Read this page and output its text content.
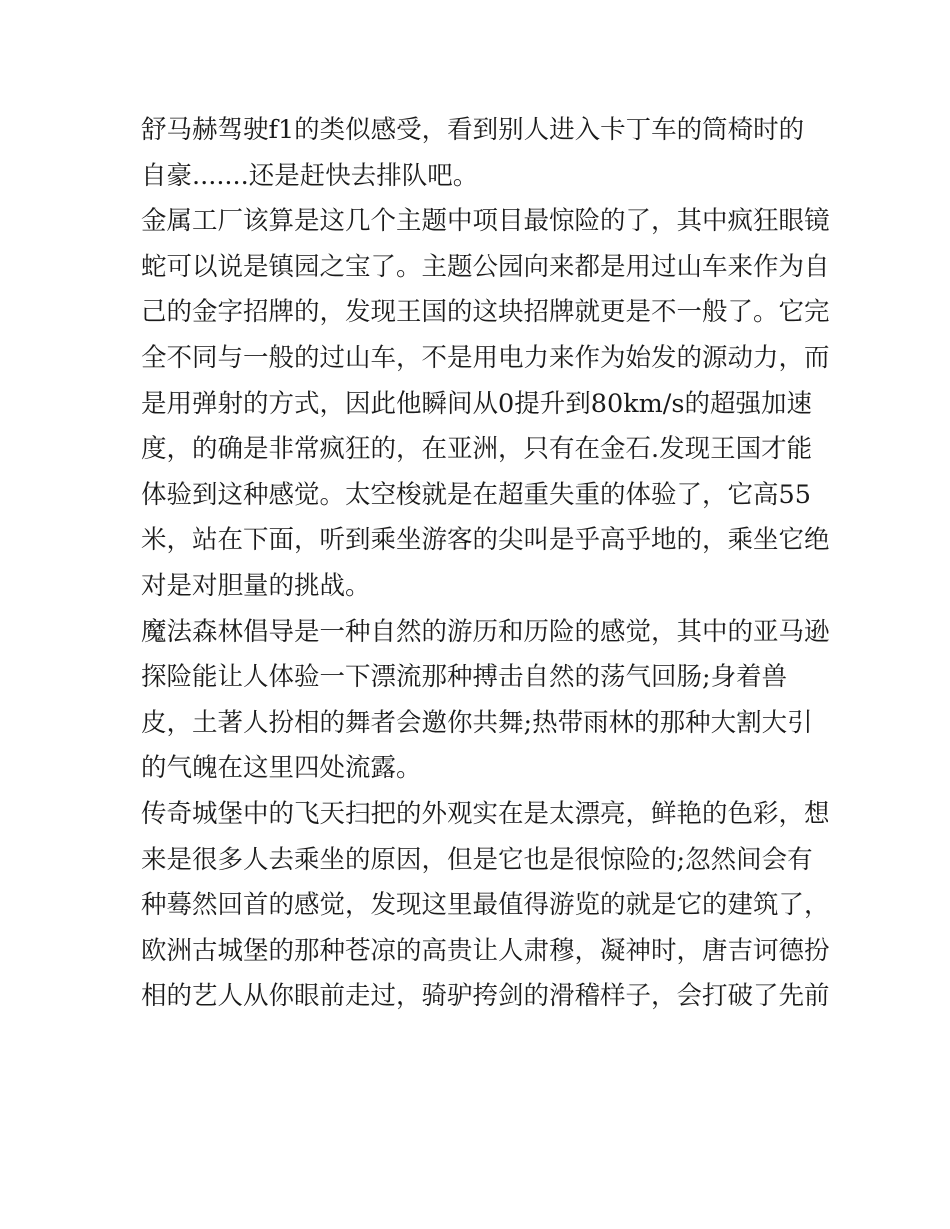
舒马赫驾驶f1的类似感受，看到别人进入卡丁车的筒椅时的
自豪.......还是赶快去排队吧。
金属工厂该算是这几个主题中项目最惊险的了，其中疯狂眼镜
蛇可以说是镇园之宝了。主题公园向来都是用过山车来作为自
己的金字招牌的，发现王国的这块招牌就更是不一般了。它完
全不同与一般的过山车，不是用电力来作为始发的源动力，而
是用弹射的方式，因此他瞬间从0提升到80km/s的超强加速
度，的确是非常疯狂的，在亚洲，只有在金石.发现王国才能
体验到这种感觉。太空梭就是在超重失重的体验了，它高55
米，站在下面，听到乘坐游客的尖叫是乎高乎地的，乘坐它绝
对是对胆量的挑战。
魔法森林倡导是一种自然的游历和历险的感觉，其中的亚马逊
探险能让人体验一下漂流那种搏击自然的荡气回肠;身着兽
皮，土著人扮相的舞者会邀你共舞;热带雨林的那种大割大引
的气魄在这里四处流露。
传奇城堡中的飞天扫把的外观实在是太漂亮，鲜艳的色彩，想
来是很多人去乘坐的原因，但是它也是很惊险的;忽然间会有
种蓦然回首的感觉，发现这里最值得游览的就是它的建筑了，
欧洲古城堡的那种苍凉的高贵让人肃穆，凝神时，唐吉诃德扮
相的艺人从你眼前走过，骑驴挎剑的滑稽样子，会打破了先前
